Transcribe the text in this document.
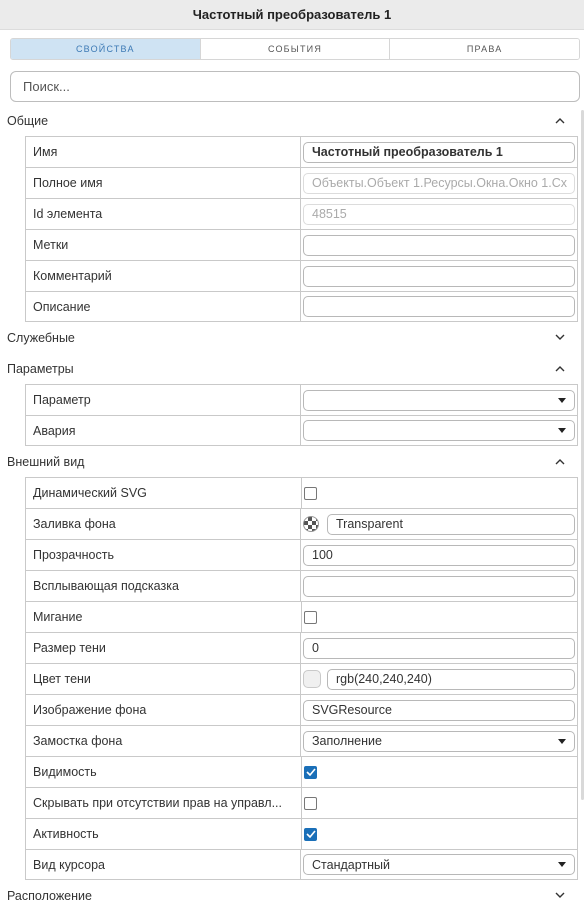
Частотный преобразователь 1
СВОЙСТВА	СОБЫТИЯ	ПРАВА
Поиск...
Общие
Имя	Частотный преобразователь 1
Полное имя	Объекты.Объект 1.Ресурсы.Окна.Окно 1.Сх
Id элемента	48515
Метки
Комментарий
Описание
Служебные
Параметры
Параметр
Авария
Внешний вид
Динамический SVG
Заливка фона	Transparent
Прозрачность	100
Всплывающая подсказка
Мигание
Размер тени	0
Цвет тени	rgb(240,240,240)
Изображение фона	SVGResource
Замостка фона	Заполнение
Видимость
Скрывать при отсутствии прав на управл...
Активность
Вид курсора	Стандартный
Расположение
